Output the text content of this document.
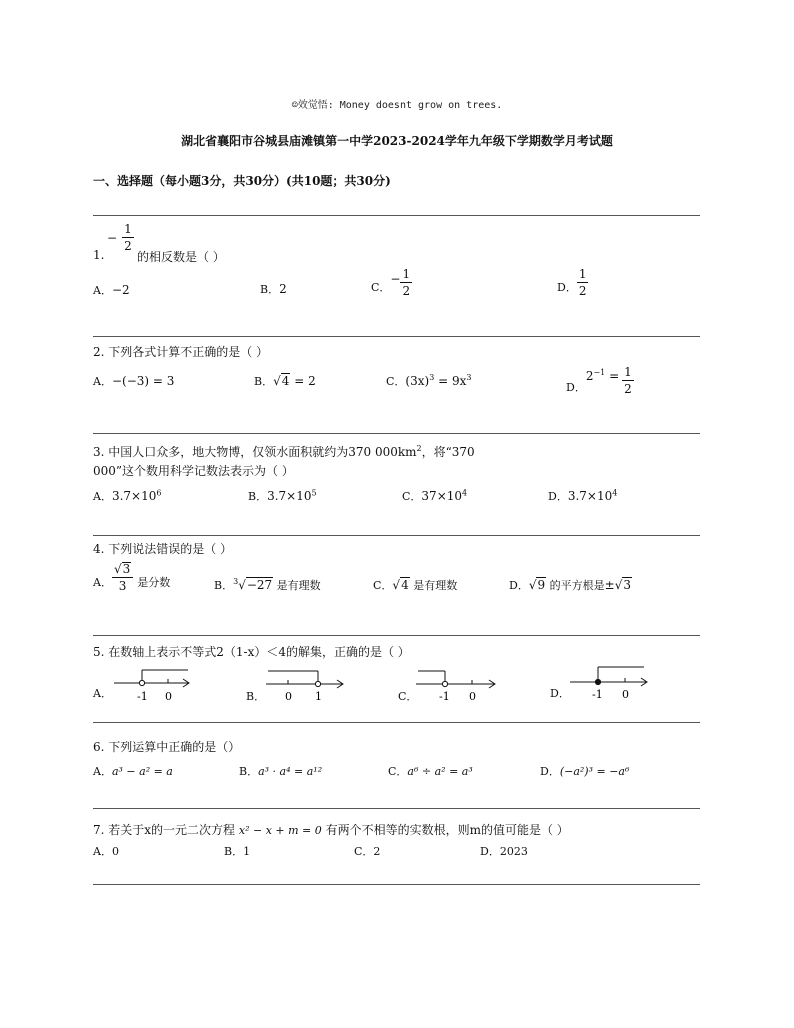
☺效觉悟: Money doesnt grow on trees.
湖北省襄阳市谷城县庙滩镇第一中学2023-2024学年九年级下学期数学月考试题
一、选择题（每小题3分，共30分）(共10题；共30分)
1.
− $\frac{1}{2}$
的相反数是（ ）
A．−2	B．2	C．
− $\frac{1}{2}$	D． $\frac{1}{2}$
2. 下列各式计算不正确的是（ ）
A．−(−3) = 3	B．√ 4 = 2	C．$(3x)^3 = 9x^3$
D．
$2^{-1} = \frac{1}{2}$
3. 中国人口众多，地大物博，仅领水面积就约为370 $000km^2$，将“370
000”这个数用科学记数法表示为（ ）
A．$3.7\times 10^6$	B．$3.7\times 10^5$	C．$37\times 10^4$	D．$3.7\times 10^4$
4. 下列说法错误的是（ ）
A． $\frac{√ 3}{3}$ 是分数	B．$^3$√ −27 是有理数	C．√ 4 是有理数	D．√ 9 的平方根是±√ 3
5. 在数轴上表示不等式2（1-x）＜4的解集，正确的是（ ）
A． -1 0	B． 0 1	C． -1 0	D． -1 0
6. 下列运算中正确的是（）
A．a³ − a² = a	B．a³ · a⁴ = a¹²	C．a⁶ ÷ a² = a³	D．(−a²)³ = −a⁶
7. 若关于x的一元二次方程 x² − x + m = 0 有两个不相等的实数根，则m的值可能是（ ）
A．0	B．1	C．2	D．2023
